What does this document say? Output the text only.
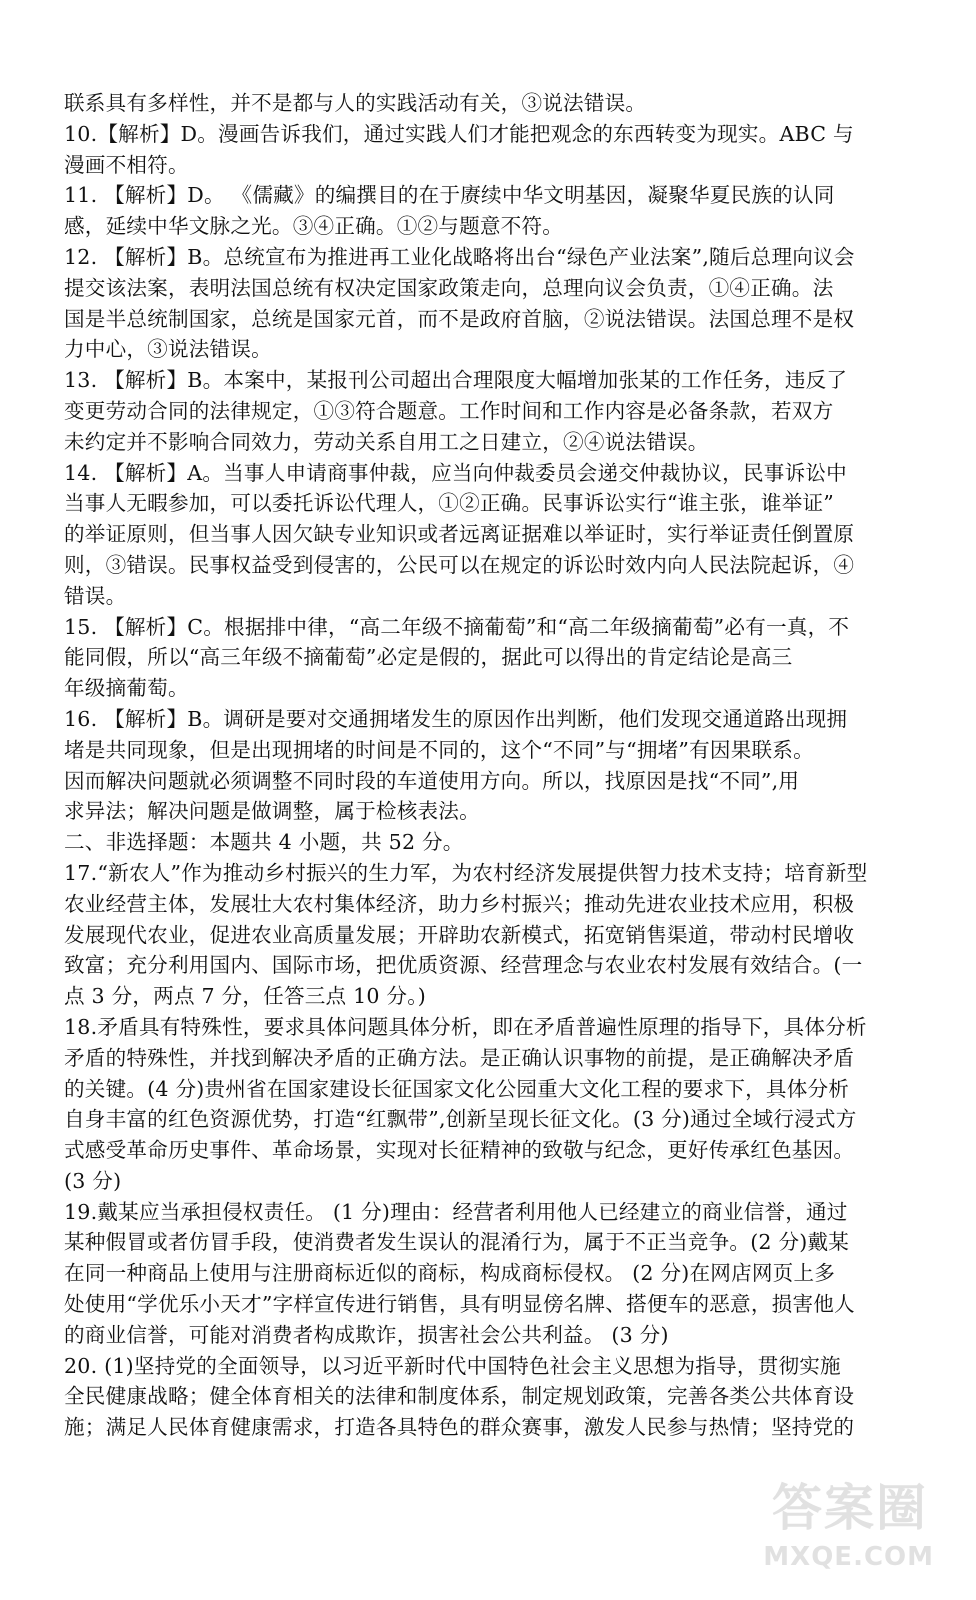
联系具有多样性，并不是都与人的实践活动有关，③说法错误。
10.【解析】D。漫画告诉我们，通过实践人们才能把观念的东西转变为现实。ABC 与
漫画不相符。
11. 【解析】D。 《儒藏》的编撰目的在于赓续中华文明基因，凝聚华夏民族的认同
感，延续中华文脉之光。③④正确。①②与题意不符。
12. 【解析】B。总统宣布为推进再工业化战略将出台“绿色产业法案”,随后总理向议会
提交该法案，表明法国总统有权决定国家政策走向，总理向议会负责，①④正确。法
国是半总统制国家，总统是国家元首，而不是政府首脑，②说法错误。法国总理不是权
力中心，③说法错误。
13. 【解析】B。本案中，某报刊公司超出合理限度大幅增加张某的工作任务，违反了
变更劳动合同的法律规定，①③符合题意。工作时间和工作内容是必备条款，若双方
未约定并不影响合同效力，劳动关系自用工之日建立，②④说法错误。
14. 【解析】A。当事人申请商事仲裁，应当向仲裁委员会递交仲裁协议，民事诉讼中
当事人无暇参加，可以委托诉讼代理人，①②正确。民事诉讼实行“谁主张，谁举证”
的举证原则，但当事人因欠缺专业知识或者远离证据难以举证时，实行举证责任倒置原
则，③错误。民事权益受到侵害的，公民可以在规定的诉讼时效内向人民法院起诉，④
错误。
15. 【解析】C。根据排中律，“高二年级不摘葡萄”和“高二年级摘葡萄”必有一真，不
能同假，所以“高三年级不摘葡萄”必定是假的，据此可以得出的肯定结论是高三
年级摘葡萄。
16. 【解析】B。调研是要对交通拥堵发生的原因作出判断，他们发现交通道路出现拥
堵是共同现象，但是出现拥堵的时间是不同的，这个“不同”与“拥堵”有因果联系。
因而解决问题就必须调整不同时段的车道使用方向。所以，找原因是找“不同”,用
求异法；解决问题是做调整，属于检核表法。
二、非选择题：本题共 4 小题，共 52 分。
17.“新农人”作为推动乡村振兴的生力军，为农村经济发展提供智力技术支持；培育新型
农业经营主体，发展壮大农村集体经济，助力乡村振兴；推动先进农业技术应用，积极
发展现代农业，促进农业高质量发展；开辟助农新模式，拓宽销售渠道，带动村民增收
致富；充分利用国内、国际市场，把优质资源、经营理念与农业农村发展有效结合。(一
点 3 分，两点 7 分，任答三点 10 分。)
18.矛盾具有特殊性，要求具体问题具体分析，即在矛盾普遍性原理的指导下，具体分析
矛盾的特殊性，并找到解决矛盾的正确方法。是正确认识事物的前提，是正确解决矛盾
的关键。(4 分)贵州省在国家建设长征国家文化公园重大文化工程的要求下，具体分析
自身丰富的红色资源优势，打造“红飘带”,创新呈现长征文化。(3 分)通过全域行浸式方
式感受革命历史事件、革命场景，实现对长征精神的致敬与纪念，更好传承红色基因。
(3 分)
19.戴某应当承担侵权责任。 (1 分)理由：经营者利用他人已经建立的商业信誉，通过
某种假冒或者仿冒手段，使消费者发生误认的混淆行为，属于不正当竞争。(2 分)戴某
在同一种商品上使用与注册商标近似的商标，构成商标侵权。 (2 分)在网店网页上多
处使用“学优乐小天才”字样宣传进行销售，具有明显傍名牌、搭便车的恶意，损害他人
的商业信誉，可能对消费者构成欺诈，损害社会公共利益。 (3 分)
20. (1)坚持党的全面领导，以习近平新时代中国特色社会主义思想为指导，贯彻实施
全民健康战略；健全体育相关的法律和制度体系，制定规划政策，完善各类公共体育设
施；满足人民体育健康需求，打造各具特色的群众赛事，激发人民参与热情；坚持党的
答案圈
MXQE.COM
